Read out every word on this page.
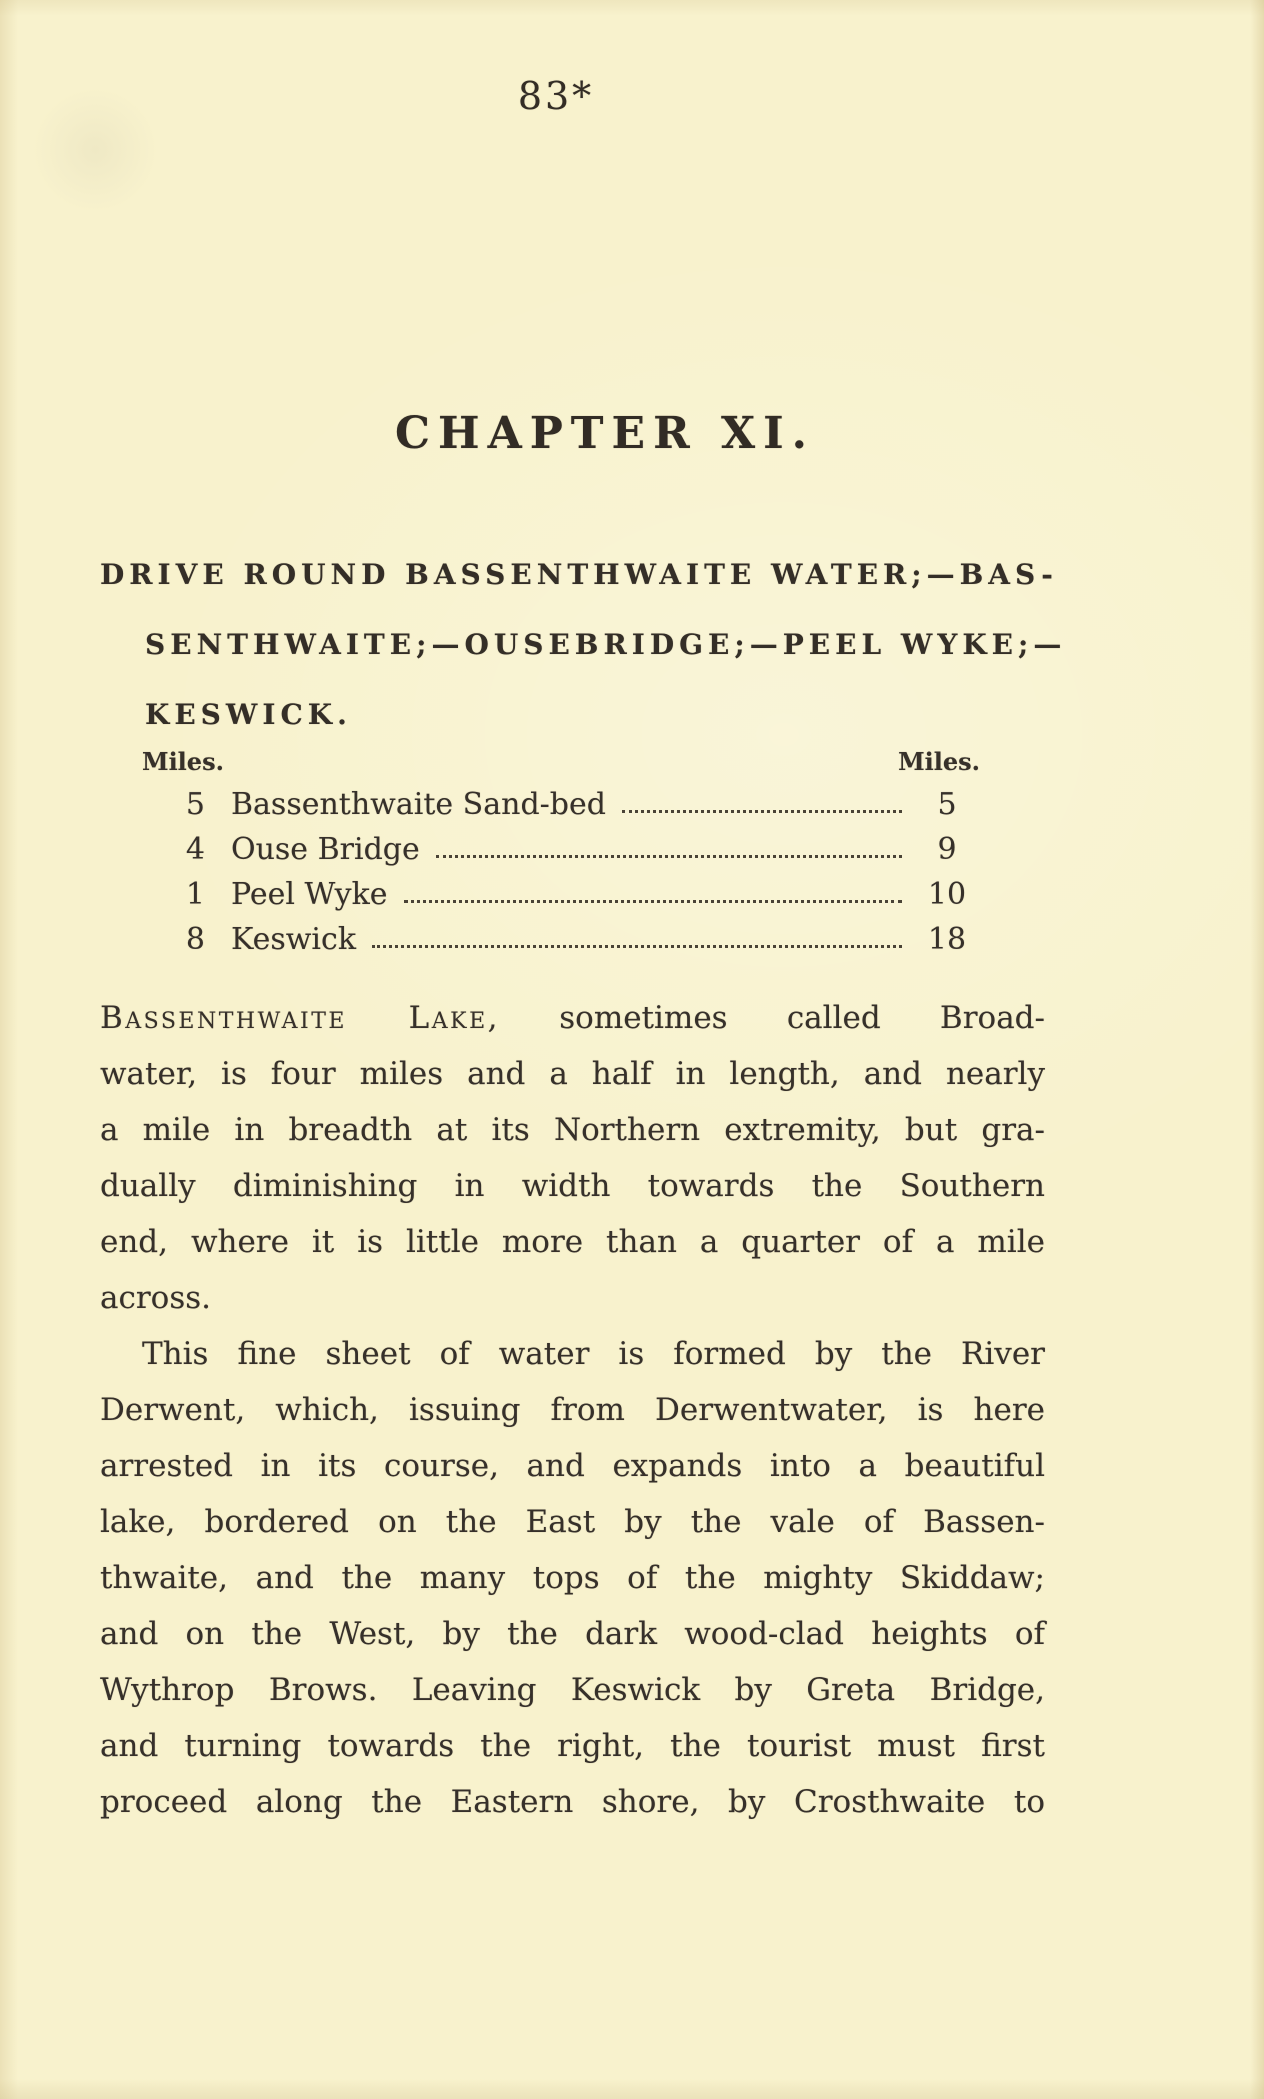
83*
CHAPTER XI.
DRIVE ROUND BASSENTHWAITE WATER;—BAS-
SENTHWAITE;—OUSEBRIDGE;—PEEL WYKE;—
KESWICK.
Miles.	Miles.
5 Bassenthwaite Sand-bed	5
4 Ouse Bridge	9
1 Peel Wyke	10
8 Keswick	18
Bassenthwaite Lake, sometimes called Broad-
water, is four miles and a half in length, and nearly
a mile in breadth at its Northern extremity, but gra-
dually diminishing in width towards the Southern
end, where it is little more than a quarter of a mile
across.
This fine sheet of water is formed by the River
Derwent, which, issuing from Derwentwater, is here
arrested in its course, and expands into a beautiful
lake, bordered on the East by the vale of Bassen-
thwaite, and the many tops of the mighty Skiddaw;
and on the West, by the dark wood-clad heights of
Wythrop Brows. Leaving Keswick by Greta Bridge,
and turning towards the right, the tourist must first
proceed along the Eastern shore, by Crosthwaite to
